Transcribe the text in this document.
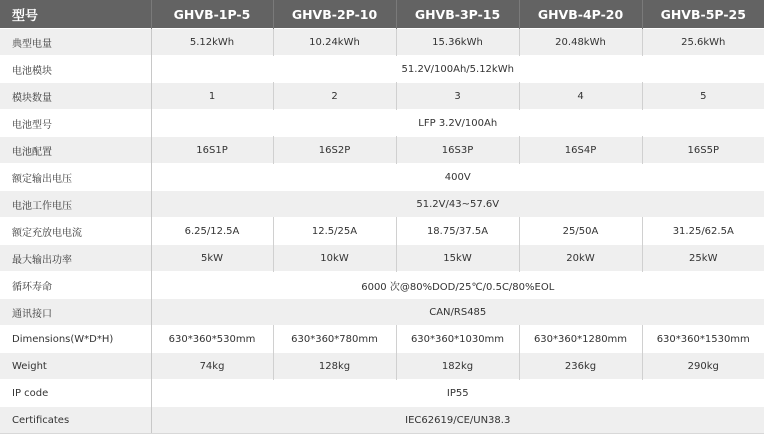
型号	GHVB-1P-5	GHVB-2P-10	GHVB-3P-15	GHVB-4P-20	GHVB-5P-25
典型电量	5.12kWh	10.24kWh	15.36kWh	20.48kWh	25.6kWh
电池模块	51.2V/100Ah/5.12kWh				
模块数量	1	2	3	4	5
电池型号	LFP 3.2V/100Ah				
电池配置	16S1P	16S2P	16S3P	16S4P	16S5P
额定输出电压	400V				
电池工作电压	51.2V/43~57.6V				
额定充放电电流	6.25/12.5A	12.5/25A	18.75/37.5A	25/50A	31.25/62.5A
最大输出功率	5kW	10kW	15kW	20kW	25kW
循环寿命	6000 次@80%DOD/25℃/0.5C/80%EOL				
通讯接口	CAN/RS485				
Dimensions(W*D*H)	630*360*530mm	630*360*780mm	630*360*1030mm	630*360*1280mm	630*360*1530mm
Weight	74kg	128kg	182kg	236kg	290kg
IP code	IP55				
Certificates	IEC62619/CE/UN38.3				
